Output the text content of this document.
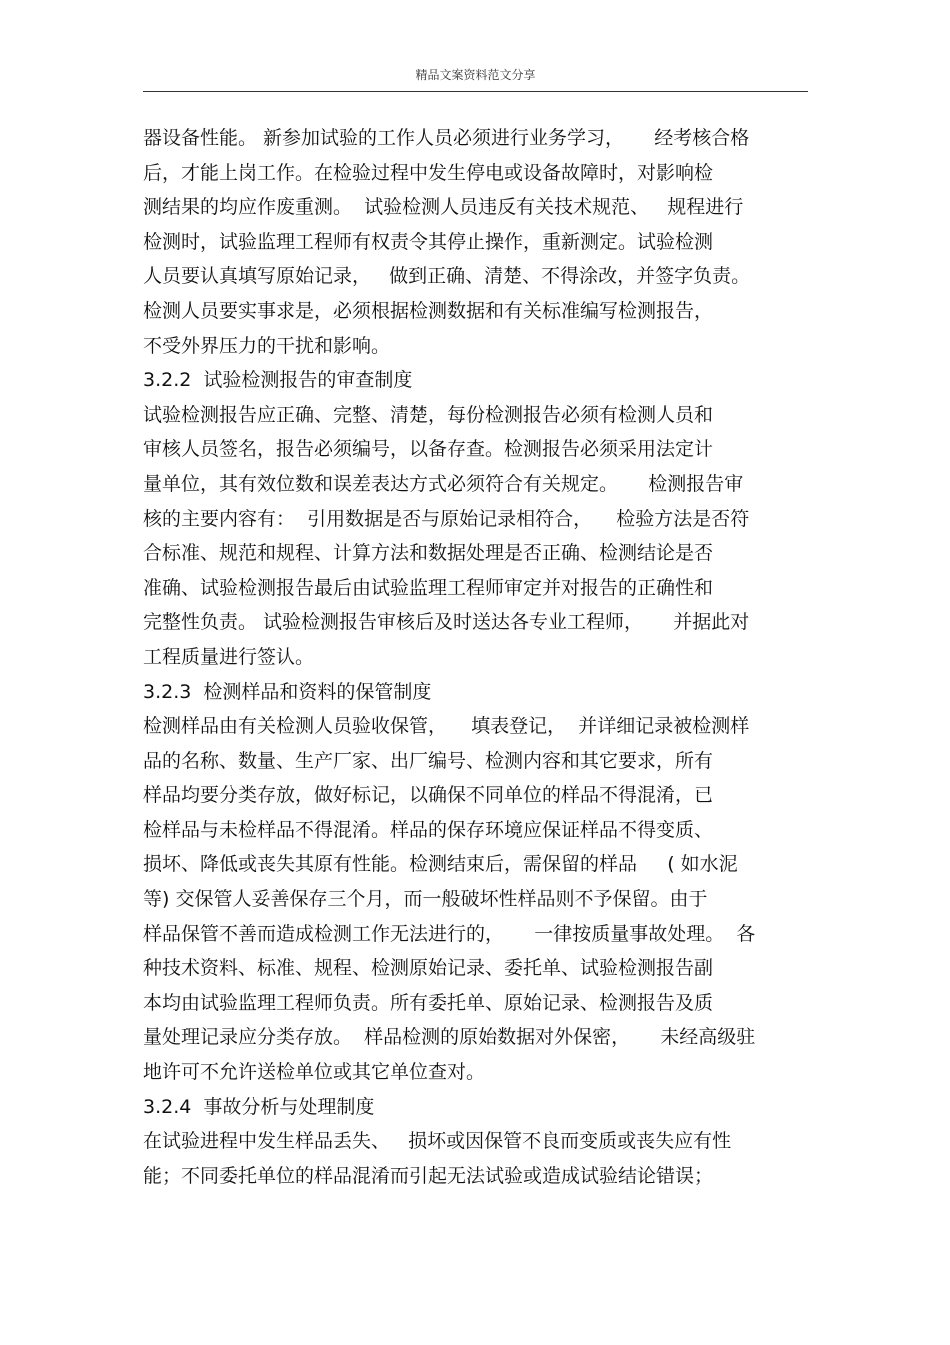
精品文案资料范文分享
器设备性能。 新参加试验的工作人员必须进行业务学习，     经考核合格
后，才能上岗工作。在检验过程中发生停电或设备故障时，对影响检
测结果的均应作废重测。  试验检测人员违反有关技术规范、   规程进行
检测时，试验监理工程师有权责令其停止操作，重新测定。试验检测
人员要认真填写原始记录，   做到正确、清楚、不得涂改，并签字负责。
检测人员要实事求是，必须根据检测数据和有关标准编写检测报告，
不受外界压力的干扰和影响。
3.2.2  试验检测报告的审查制度
试验检测报告应正确、完整、清楚，每份检测报告必须有检测人员和
审核人员签名，报告必须编号，以备存查。检测报告必须采用法定计
量单位，其有效位数和误差表达方式必须符合有关规定。     检测报告审
核的主要内容有：  引用数据是否与原始记录相符合，    检验方法是否符
合标准、规范和规程、计算方法和数据处理是否正确、检测结论是否
准确、试验检测报告最后由试验监理工程师审定并对报告的正确性和
完整性负责。 试验检测报告审核后及时送达各专业工程师，     并据此对
工程质量进行签认。
3.2.3  检测样品和资料的保管制度
检测样品由有关检测人员验收保管，    填表登记，  并详细记录被检测样
品的名称、数量、生产厂家、出厂编号、检测内容和其它要求，所有
样品均要分类存放，做好标记，以确保不同单位的样品不得混淆，已
检样品与未检样品不得混淆。样品的保存环境应保证样品不得变质、
损坏、降低或丧失其原有性能。检测结束后，需保留的样品     ( 如水泥
等) 交保管人妥善保存三个月，而一般破坏性样品则不予保留。由于
样品保管不善而造成检测工作无法进行的，     一律按质量事故处理。  各
种技术资料、标准、规程、检测原始记录、委托单、试验检测报告副
本均由试验监理工程师负责。所有委托单、原始记录、检测报告及质
量处理记录应分类存放。  样品检测的原始数据对外保密，     未经高级驻
地许可不允许送检单位或其它单位查对。
3.2.4  事故分析与处理制度
在试验进程中发生样品丢失、   损坏或因保管不良而变质或丧失应有性
能；不同委托单位的样品混淆而引起无法试验或造成试验结论错误；
